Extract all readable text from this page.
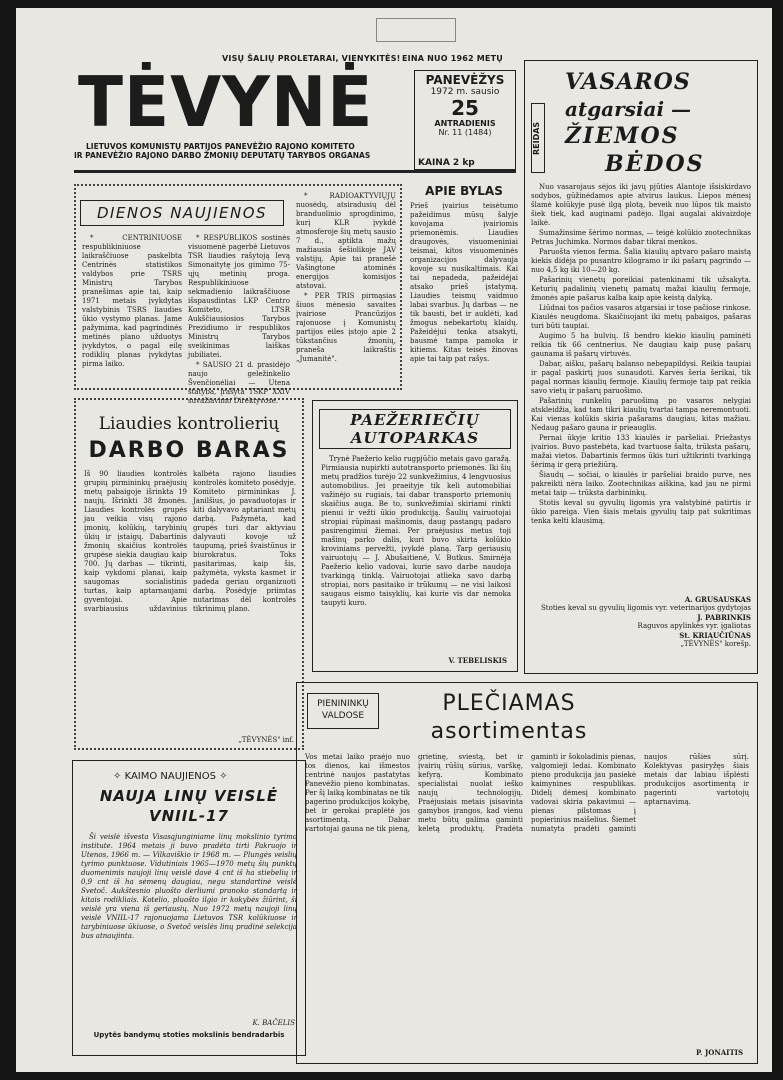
VISŲ ŠALIŲ PROLETARAI, VIENYKITĖS! EINA NUO 1962 METŲ
TĖVYNĖ
LIETUVOS KOMUNISTŲ PARTIJOS PANEVĖŽIO RAJONO KOMITETO
IR PANEVĖŽIO RAJONO DARBO ŽMONIŲ DEPUTATŲ TARYBOS ORGANAS
PANEVĖŽYS
1972 m. sausio
25
ANTRADIENIS
Nr. 11 (1484)
KAINA 2 kp
REIDAS
VASAROS
atgarsiai —
ŽIEMOS
BĖDOS

Nuo vasarojaus sėjos iki javų pjūties Alantoje išsiskirdavo sodybos, gūžinėdamos apie atvirus laukus. Liepos mėnesį šlamė kolūkyje pusė ilgą plotą, beveik nuo lūpos tik maisto šiek tiek, kad auginami padėjo. Ilgai augalai akivaizdoje laikė.

Sumažinsime šėrimo normas, — teigė kolūkio zootechnikas Petras Juchimka. Normos dabar tikrai menkos.

Paruošta vienos ferma. Šalia kiaulių aptvaro pašaro maistą kiekis didėja po pusantro kilogramo ir iki pašarų pagrindo — nuo 4,5 kg iki 10—20 kg.

Pašarinių vienetų poreikiai patenkinami tik užsakyta. Keturių padalinių vienetų pamatų mažai kiaulių fermoje, žmonės apie pašarus kalba kaip apie keistą dalyką.

Liūdnai tos pačios vasaros atgarsiai ir tose pačiose rinkose. Kiaulės neugdoma. Skaičiuojant iki metų pabaigos, pašaras turi būti taupiai.

Augimo 5 ha bulvių. Iš bendro kiekio kiaulių paminėti reikia tik 66 centnerius. Ne daugiau kaip pusę pašarų gaunama iš pašarų virtuvės.

Dabar, aišku, pašarų balanso nebepapildysi. Reikia taupiai ir pagal paskirtį juos sunaudoti. Karvės šeria šerikai, tik pagal normas kiaulių fermoje. Kiaulių fermoje taip pat reikia savo vietų ir pašarų paruošimo.

Pašarinių runkelių paruošimą po vasaros nelygiai atskleidžia, kad tam tikri kiaulių tvartai tampa neremontuoti. Kai vienas kolūkis skiria pašarams daugiau, kitas mažiau. Nedaug pašaro gauna ir prieauglis.

Pernai ūkyje kritio 133 kiaulės ir paršeliai. Priežastys įvairios. Buvo pastebėta, kad tvartuose šalta, trūksta pašarų, mažai vietos. Dabartinis fermos ūkis turi užtikrinti tvarkingą šėrimą ir gerą priežiūrą.

Šiaudų — sočiai, o kiaulės ir paršeliai braido purve, nes pakreikti nėra laiko. Zootechnikas aiškina, kad jau ne pirmi metai taip — trūksta darbininkų.

Stotis keval su gyvulių ligomis yra valstybinė patirtis ir ūkio pareiga. Vien šiais metais gyvulių taip pat sukritimas tenka kelti klausimą.

A. GRUSAUSKAS
Stoties keval su gyvulių ligomis vyr. veterinarijos gydytojas
J. PABRINKIS
Raguvos apylinkės vyr. įgaliotas
St. KRIAUČIŪNAS
„TĖVYNĖS" korešp.
DIENOS NAUJIENOS

* CENTRINIUOSE respublikiniuose laikraščiuose paskelbta Centrinės statistikos valdybos prie TSRS Ministrų Tarybos pranešimas apie tai, kaip 1971 metais įvykdytas valstybinis TSRS liaudies ūkio vystymo planas. Jame pažymima, kad pagrindinės metinės plano užduotys įvykdytos, o pagal eilę rodiklių planas įvykdytas pirma laiko.

* RESPUBLIKOS sostinės visuomenė pagerbė Lietuvos TSR liaudies rašytoją Ievą Simonaitytę jos gimimo 75-ųjų metinių proga. Respublikiniuose sekmadienio laikraščiuose išspausdintas LKP Centro Komiteto, LTSR Aukščiausiosios Tarybos Prezidiumo ir respublikos Ministrų Tarybos sveikinimas laiškas jubiliatei.

* SAUSIO 21 d. prasidėjo naujo geležinkelio Švenčionėliai — Utena statyba, įrašyta TSKP XXIV suvažiavimo Direktyvose.

* RADIOAKTYVIŲJŲ nuosėdų, atsiradusių dėl branduolinio sprogdinimo, kurį KLR įvykdė atmosferoje šių metų sausio 7 d., aptikta mažų mažiausia šešiolikoje JAV valstijų. Apie tai pranešė Vašingtone atominės energijos komisijos atstovai.

* PER TRIS pirmąsias šiuos mėnesio savaites įvairiose Prancūzijos rajonuose į Komunistų partijos eiles įstojo apie 2 tūkstančius žmonių, praneša laikraštis „Jumanitė".

APIE BYLAS
Prieš įvairius teisėtumo pažeidimus mūsų šalyje kovojama įvairiomis priemonėmis. Liaudies draugovės, visuomeniniai teismai, kitos visuomeninės organizacijos dalyvauja kovoje su nusikaltimais. Kai tai nepadeda, pažeidėjai atsako prieš įstatymą. Liaudies teismų vaidmuo labai svarbus. Jų darbas — ne tik bausti, bet ir auklėti, kad žmogus nebekartotų klaidų. Pažeidėjui tenka atsakyti, bausmė tampa pamoka ir kitiems. Kitas teisės žinovas apie tai taip pat rašys.
Liaudies kontrolierių
DARBO BARAS
Iš 90 liaudies kontrolės grupių pirmininkų praėjusių metų pabaigoje išrinkta 19 naujų. Išrinkti 38 žmonės. Liaudies kontrolės grupės jau veikia visų rajono įmonių, kolūkių, tarybinių ūkių ir įstaigų. Dabartinis žmonių skaičius kontrolės grupėse siekia daugiau kaip 700. Jų darbas — tikrinti, kaip vykdomi planai, kaip saugomas socialistinis turtas, kaip aptarnaujami gyventojai. Apie svarbiausius uždavinius kalbėta rajono liaudies kontrolės komiteto posėdyje. Komiteto pirmininkas J. Janilšius, jo pavaduotojas ir kiti dalyvavo aptariant metų darbą. Pažymėta, kad grupės turi dar aktyviau dalyvauti kovoje už taupumą, prieš švaistūnus ir biurokratus. Toks pasitarimas, kaip šis, pažymėta, vyksta kasmet ir padeda geriau organizuoti darbą. Posėdyje priimtas nutarimas dėl kontrolės tikrinimų plano.
„TĖVYNĖS" inf.
✧ KAIMO NAUJIENOS ✧
NAUJA LINŲ VEISLĖ
VNIIL-17
Ši veislė išvesta Visasąjunginiame linų mokslinio tyrimo institute. 1964 metais ji buvo pradėta tirti Pakruojo ir Utenos, 1966 m. — Vilkaviškio ir 1968 m. — Plungės veislių tyrimo punktuose. Vidutiniais 1965—1970 metų šių punktų duomenimis naujoji linų veislė davė 4 cnt iš ha stiebelių ir 0,9 cnt iš ha sėmenų daugiau, negu standartinė veislė Svetoč. Aukštesnio pluošto derliumi pranoko standartą ir kitais rodikliais. Kotelio, pluošto ilgio ir kokybės žiūrint, ši veislė yra viena iš geriausių. Nuo 1972 metų naujoji linų veislė VNIIL-17 rajonuojama Lietuvos TSR kolūkiuose ir tarybiniuose ūkiuose, o Svetoč veislės linų pradinė selekcija bus atnaujinta.
K. BAČELIS
Upytės bandymų stoties mokslinis bendradarbis
PAEŽERIEČIŲ
AUTOPARKAS
Trynė Paežerio kelio rugpjūčio metais gavo garažą. Pirmiausia nupirkti autotransporto priemonės. Iki šių metų pradžios turėjo 22 sunkvežimius, 4 lengvuosius automobilius. Jei praeityje tik keli automobiliai važinėjo su rugiais, tai dabar transporto priemonių skaičius auga. Be to, sunkvežimiai skiriami rinkti pienui ir vežti ūkio produkciją. Šaulių vairuotojai stropiai rūpinasi mašinomis, daug pastangų padaro pasirengimui žiemai. Per praėjusius metus toji mašinų parko dalis, kuri buvo skirta kolūkio kroviniams pervežti, įvykdė planą. Tarp geriausių vairuotojų — J. Abušaitienė, V. Butkus. Smirnėja Paežerio kelio vadovai, kurie savo darbe naudoja tvarkingą tinklą. Vairuotojai atlieka savo darbą stropiai, nors pasitaiko ir trūkumų — ne visi laikosi saugaus eismo taisyklių, kai kurie vis dar nemoka taupyti kuro.
V. TEBELISKIS
PIENININKŲ
VALDOSE	PLEČIAMAS
asortimentas
Vos metai laiko praėjo nuo tos dienos, kai išmestos centrinė naujos pastatytas Panevėžio pieno kombinatas. Per šį laiką kombinatas ne tik pagerino produkcijos kokybę, bet ir gerokai praplėtė jos asortimentą. Dabar vartotojai gauna ne tik pieną, grietinę, sviestą, bet ir įvairių rūšių sūrius, varškę, kefyrą. Kombinato specialistai nuolat ieško naujų technologijų. Praėjusiais metais įsisavinta gamybos įrangos, kad vienu metu būtų galima gaminti keletą produktų. Pradėta gaminti ir šokoladinis pienas, valgomieji ledai. Kombinato pieno produkcija jau pasiekė kaimynines respublikas. Didelį dėmesį kombinato vadovai skiria pakavimui — pienas pilstomas į popierinius maišelius. Šiemet numatyta pradėti gaminti naujos rūšies sūrį. Kolektyvas pasiryžęs šiais metais dar labiau išplėsti produkcijos asortimentą ir pagerinti vartotojų aptarnavimą.
P. JONAITIS
